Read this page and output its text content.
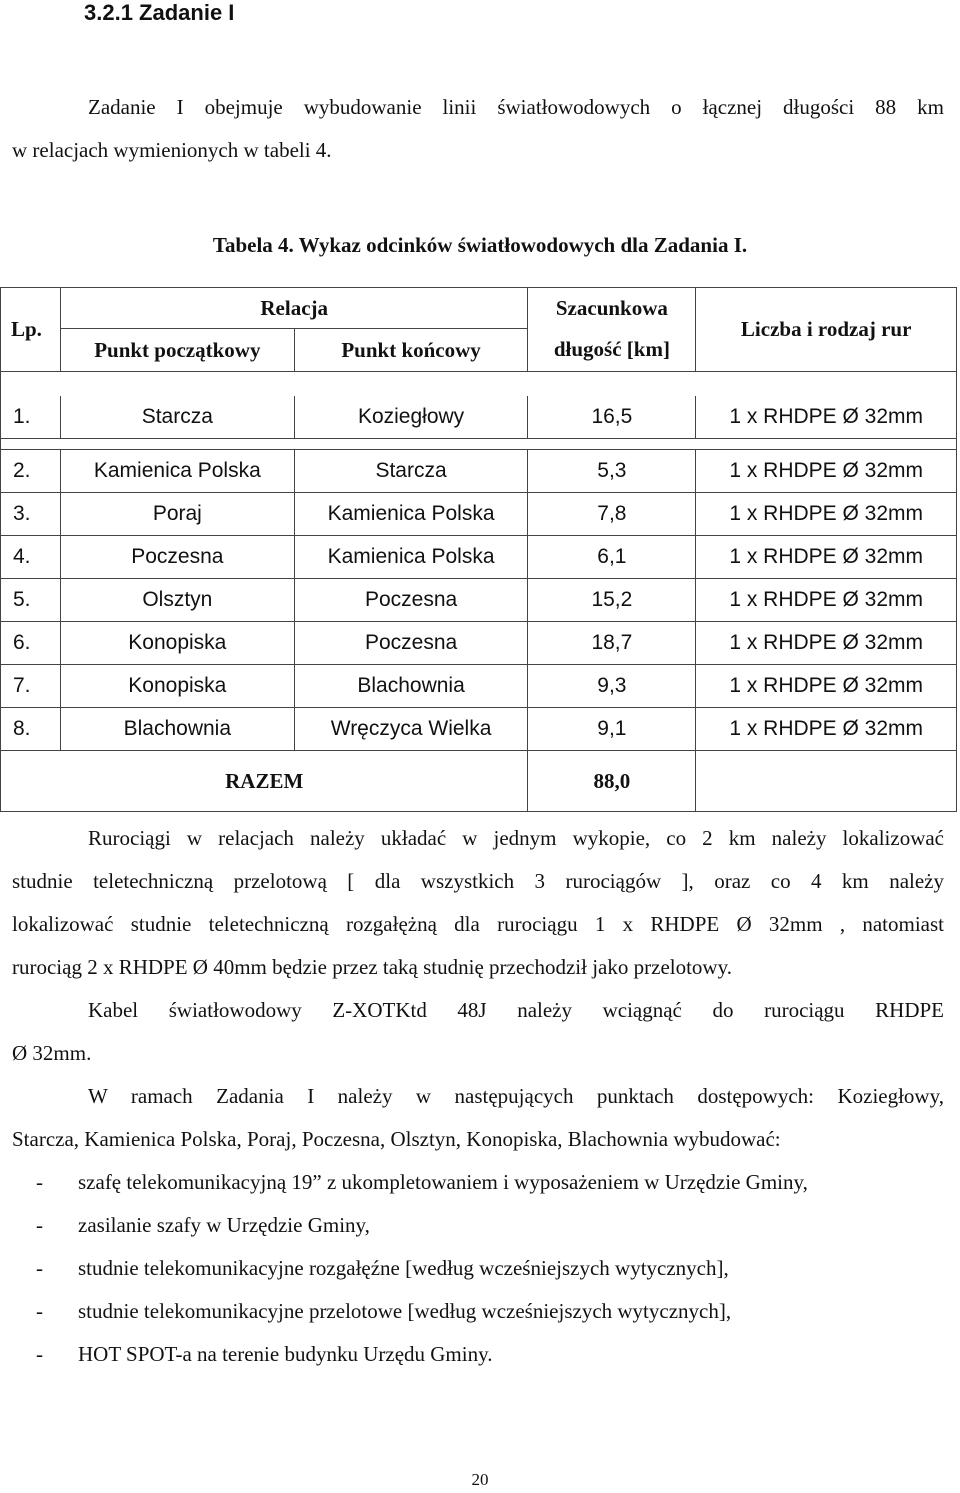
3.2.1 Zadanie I
Zadanie I obejmuje wybudowanie linii światłowodowych o łącznej długości 88 km
w relacjach wymienionych w tabeli 4.
Tabela 4. Wykaz odcinków światłowodowych dla Zadania I.
Lp.	Relacja		Szacunkowa	Liczba i rodzaj rur
	Punkt początkowy	Punkt końcowy	długość [km]	

1.	Starcza	Koziegłowy	16,5	1 x RHDPE Ø 32mm

2.	Kamienica Polska	Starcza	5,3	1 x RHDPE Ø 32mm
3.	Poraj	Kamienica Polska	7,8	1 x RHDPE Ø 32mm
4.	Poczesna	Kamienica Polska	6,1	1 x RHDPE Ø 32mm
5.	Olsztyn	Poczesna	15,2	1 x RHDPE Ø 32mm
6.	Konopiska	Poczesna	18,7	1 x RHDPE Ø 32mm
7.	Konopiska	Blachownia	9,3	1 x RHDPE Ø 32mm
8.	Blachownia	Wręczyca Wielka	9,1	1 x RHDPE Ø 32mm
RAZEM			88,0	
Rurociągi w relacjach należy układać w jednym wykopie, co 2 km należy lokalizować
studnie teletechniczną przelotową [ dla wszystkich 3 rurociągów ], oraz co 4 km należy
lokalizować studnie teletechniczną rozgałężną dla rurociągu 1 x RHDPE Ø 32mm , natomiast
rurociąg 2 x RHDPE Ø 40mm będzie przez taką studnię przechodził jako przelotowy.
Kabel światłowodowy Z-XOTKtd 48J należy wciągnąć do rurociągu RHDPE
Ø 32mm.
W ramach Zadania I należy w następujących punktach dostępowych: Koziegłowy,
Starcza, Kamienica Polska, Poraj, Poczesna, Olsztyn, Konopiska, Blachownia wybudować:
-	szafę telekomunikacyjną 19” z ukompletowaniem i wyposażeniem w Urzędzie Gminy,
-	zasilanie szafy w Urzędzie Gminy,
-	studnie telekomunikacyjne rozgałęźne [według wcześniejszych wytycznych],
-	studnie telekomunikacyjne przelotowe [według wcześniejszych wytycznych],
-	HOT SPOT-a na terenie budynku Urzędu Gminy.
20
